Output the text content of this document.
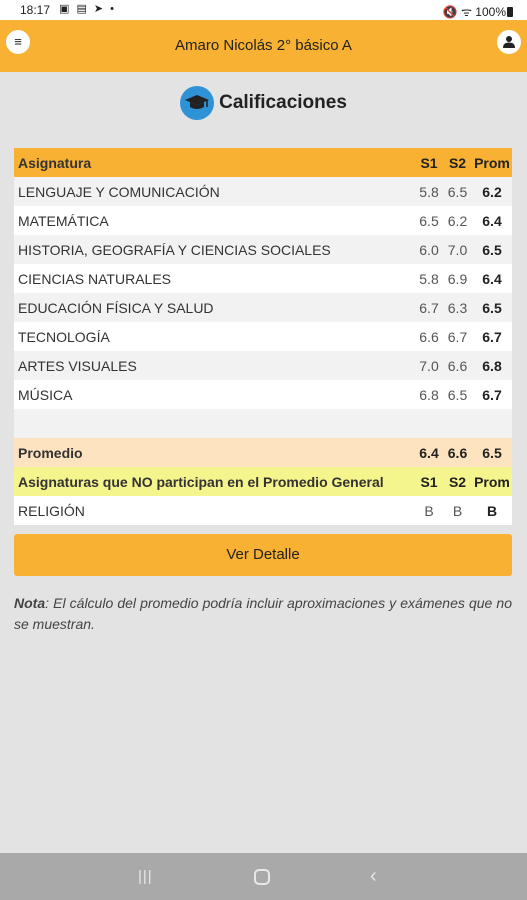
18:17 ▣ ▤ ➤ •	🔇 ᯤ 100%
≡	Amaro Nicolás 2° básico A
Calificaciones
Asignatura	S1	S2	Prom
LENGUAJE Y COMUNICACIÓN	5.8	6.5	6.2
MATEMÁTICA	6.5	6.2	6.4
HISTORIA, GEOGRAFÍA Y CIENCIAS SOCIALES	6.0	7.0	6.5
CIENCIAS NATURALES	5.8	6.9	6.4
EDUCACIÓN FÍSICA Y SALUD	6.7	6.3	6.5
TECNOLOGÍA	6.6	6.7	6.7
ARTES VISUALES	7.0	6.6	6.8
MÚSICA	6.8	6.5	6.7

Promedio	6.4	6.6	6.5
Asignaturas que NO participan en el Promedio General	S1	S2	Prom
RELIGIÓN	B	B	B
Ver Detalle
Nota: El cálculo del promedio podría incluir aproximaciones y exámenes que no se muestran.
|||	‹
